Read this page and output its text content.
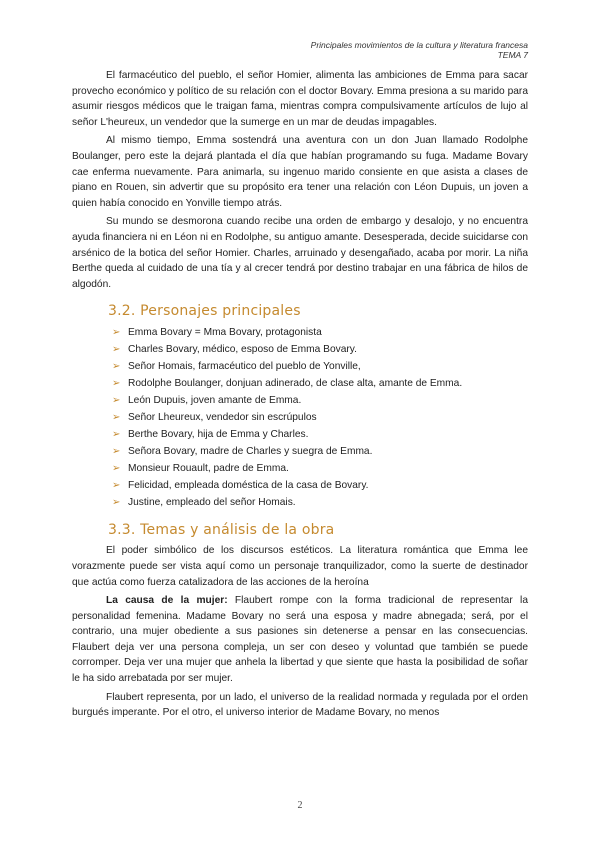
Principales movimientos de la cultura y literatura francesa
TEMA 7

El farmacéutico del pueblo, el señor Homier, alimenta las ambiciones de Emma para sacar provecho económico y político de su relación con el doctor Bovary. Emma presiona a su marido para asumir riesgos médicos que le traigan fama, mientras compra compulsivamente artículos de lujo al señor L'heureux, un vendedor que la sumerge en un mar de deudas impagables.

Al mismo tiempo, Emma sostendrá una aventura con un don Juan llamado Rodolphe Boulanger, pero este la dejará plantada el día que habían programando su fuga. Madame Bovary cae enferma nuevamente. Para animarla, su ingenuo marido consiente en que asista a clases de piano en Rouen, sin advertir que su propósito era tener una relación con Léon Dupuis, un joven a quien había conocido en Yonville tiempo atrás.

Su mundo se desmorona cuando recibe una orden de embargo y desalojo, y no encuentra ayuda financiera ni en Léon ni en Rodolphe, su antiguo amante. Desesperada, decide suicidarse con arsénico de la botica del señor Homier. Charles, arruinado y desengañado, acaba por morir. La niña Berthe queda al cuidado de una tía y al crecer tendrá por destino trabajar en una fábrica de hilos de algodón.

3.2. Personajes principales
➢ Emma Bovary = Mma Bovary, protagonista
➢ Charles Bovary, médico, esposo de Emma Bovary.
➢ Señor Homais, farmacéutico del pueblo de Yonville,
➢ Rodolphe Boulanger, donjuan adinerado, de clase alta, amante de Emma.
➢ León Dupuis, joven amante de Emma.
➢ Señor Lheureux, vendedor sin escrúpulos
➢ Berthe Bovary, hija de Emma y Charles.
➢ Señora Bovary, madre de Charles y suegra de Emma.
➢ Monsieur Rouault, padre de Emma.
➢ Felicidad, empleada doméstica de la casa de Bovary.
➢ Justine, empleado del señor Homais.
3.3. Temas y análisis de la obra

El poder simbólico de los discursos estéticos. La literatura romántica que Emma lee vorazmente puede ser vista aquí como un personaje tranquilizador, como la suerte de destinador que actúa como fuerza catalizadora de las acciones de la heroína

La causa de la mujer: Flaubert rompe con la forma tradicional de representar la personalidad femenina. Madame Bovary no será una esposa y madre abnegada; será, por el contrario, una mujer obediente a sus pasiones sin detenerse a pensar en las consecuencias. Flaubert deja ver una persona compleja, un ser con deseo y voluntad que también se puede corromper. Deja ver una mujer que anhela la libertad y que siente que hasta la posibilidad de soñar le ha sido arrebatada por ser mujer.

Flaubert representa, por un lado, el universo de la realidad normada y regulada por el orden burgués imperante. Por el otro, el universo interior de Madame Bovary, no menos

2
